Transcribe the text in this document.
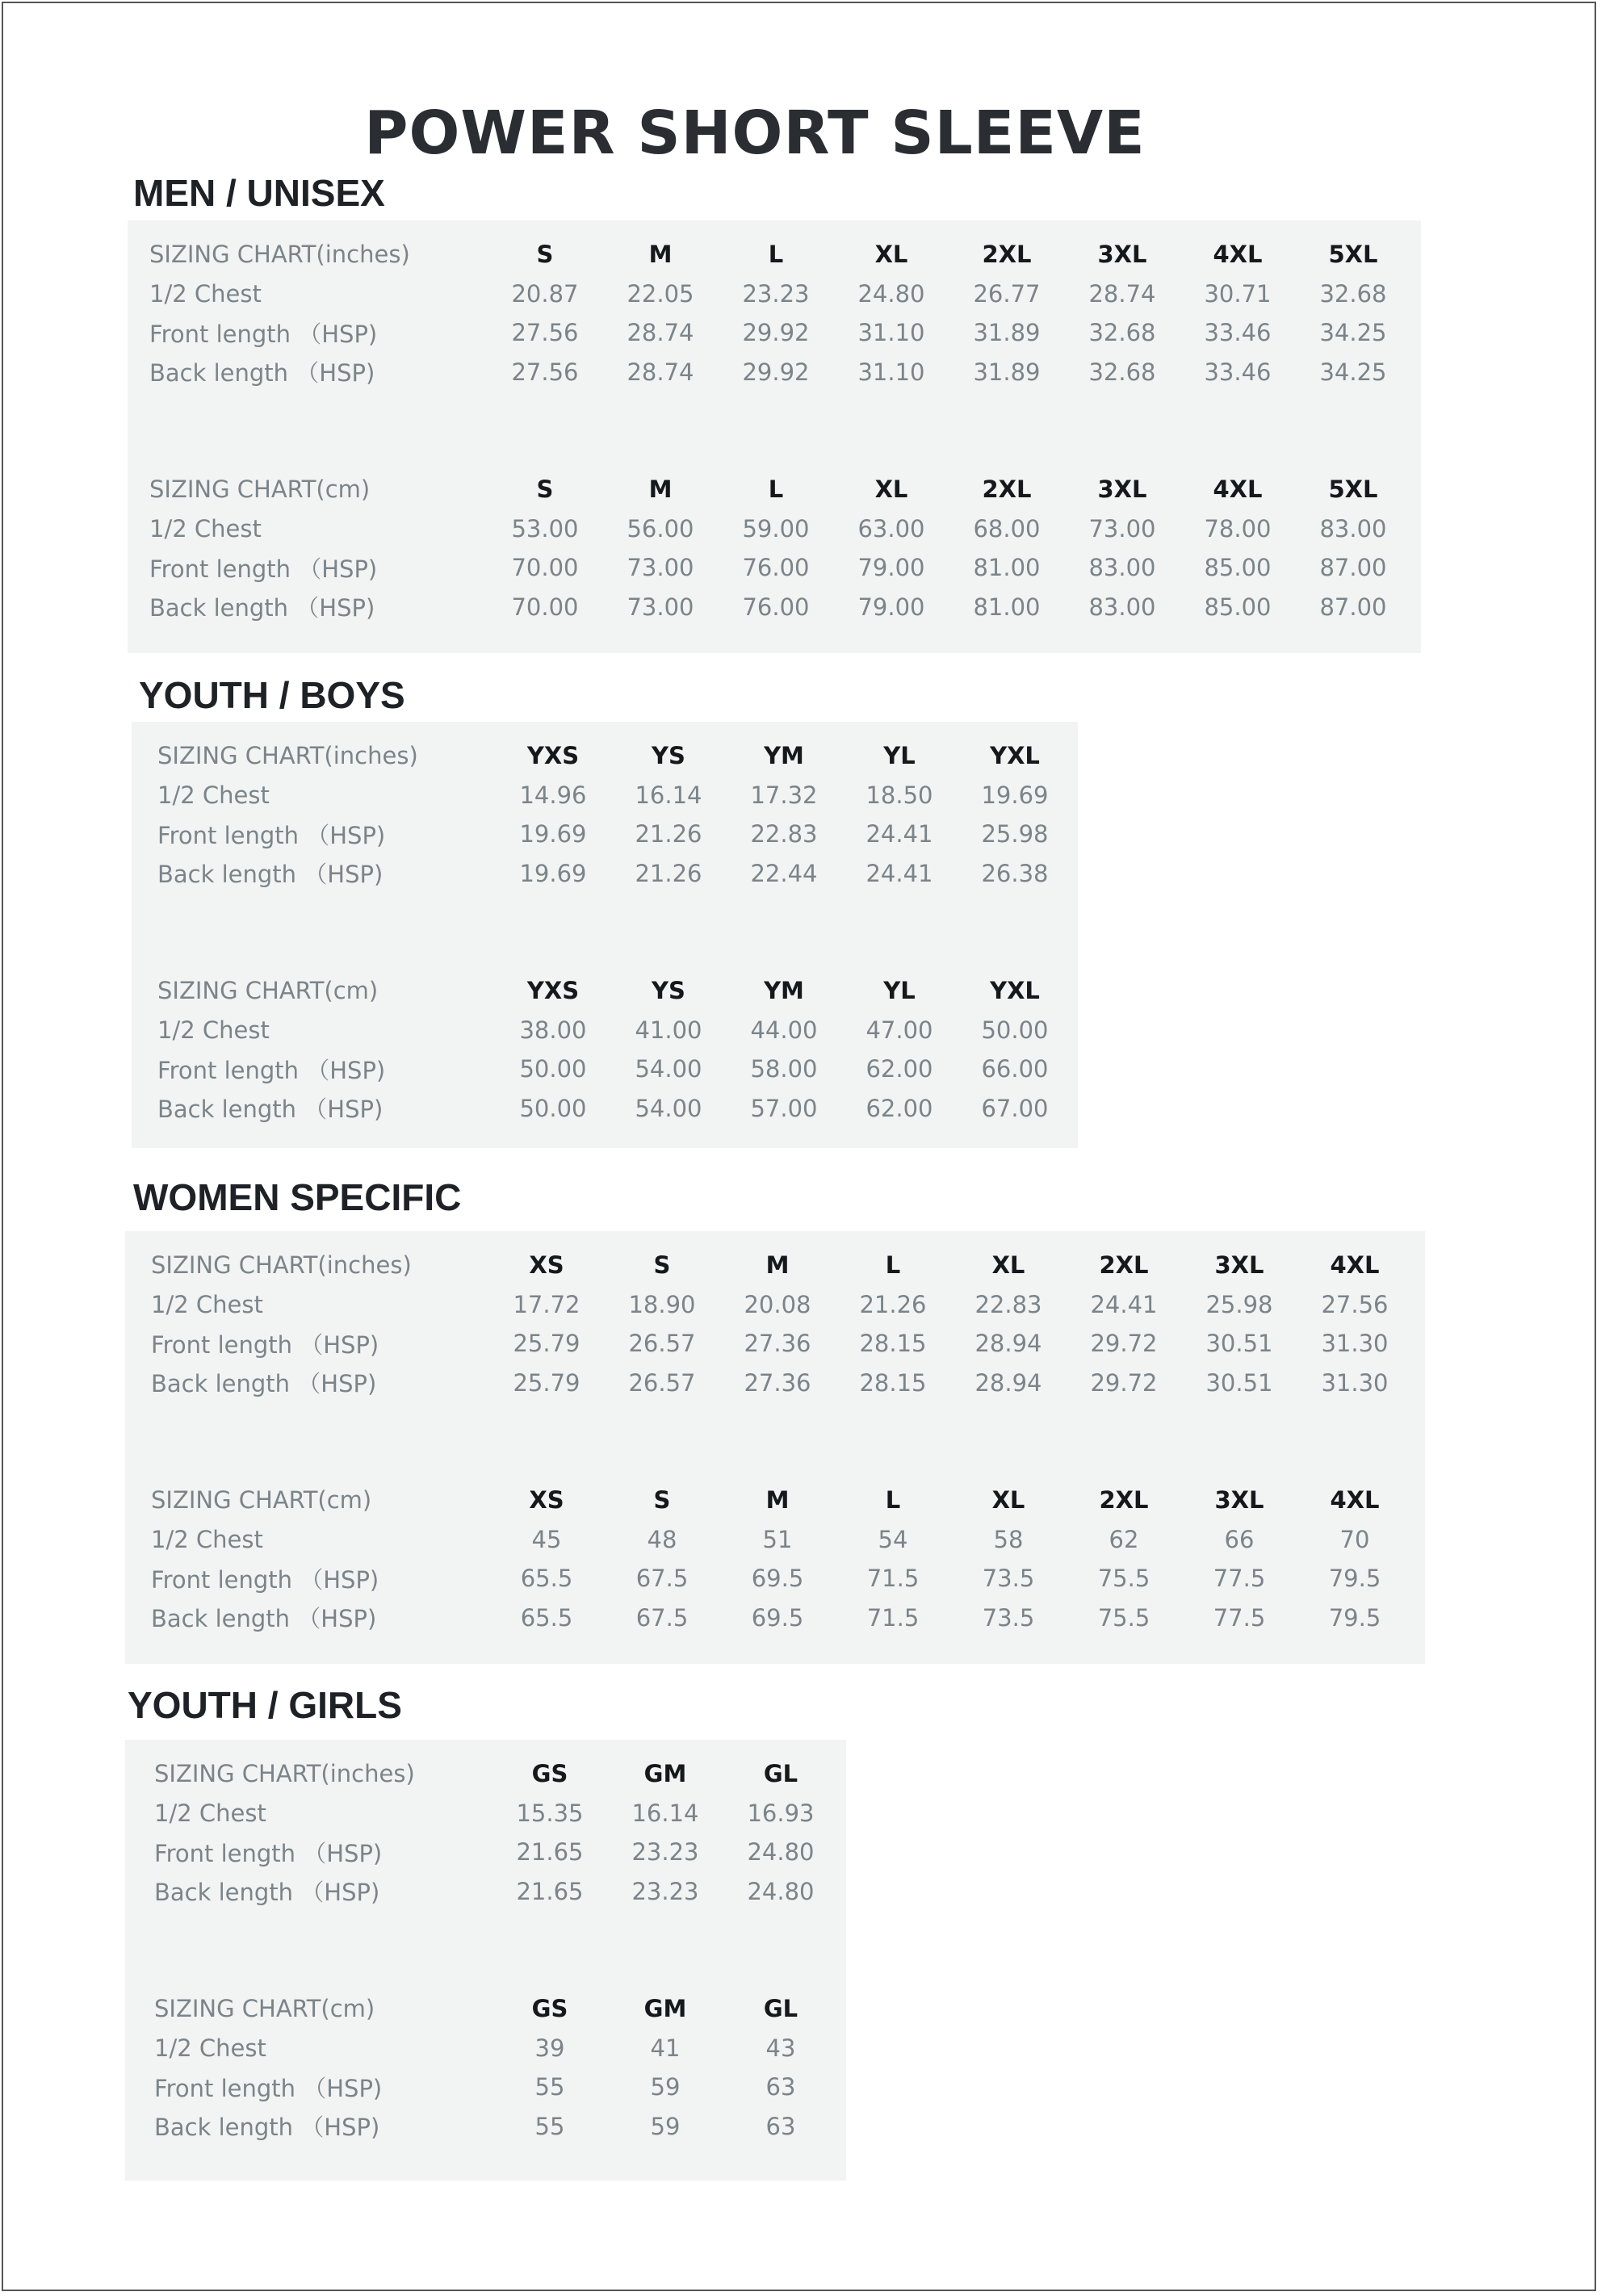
POWER SHORT SLEEVE
MEN / UNISEX
SIZING CHART(inches)	S	M	L	XL	2XL	3XL	4XL	5XL
1/2 Chest	20.87	22.05	23.23	24.80	26.77	28.74	30.71	32.68
Front length （HSP)	27.56	28.74	29.92	31.10	31.89	32.68	33.46	34.25
Back length （HSP)	27.56	28.74	29.92	31.10	31.89	32.68	33.46	34.25
SIZING CHART(cm)	S	M	L	XL	2XL	3XL	4XL	5XL
1/2 Chest	53.00	56.00	59.00	63.00	68.00	73.00	78.00	83.00
Front length （HSP)	70.00	73.00	76.00	79.00	81.00	83.00	85.00	87.00
Back length （HSP)	70.00	73.00	76.00	79.00	81.00	83.00	85.00	87.00
YOUTH / BOYS
SIZING CHART(inches)	YXS	YS	YM	YL	YXL
1/2 Chest	14.96	16.14	17.32	18.50	19.69
Front length （HSP)	19.69	21.26	22.83	24.41	25.98
Back length （HSP)	19.69	21.26	22.44	24.41	26.38
SIZING CHART(cm)	YXS	YS	YM	YL	YXL
1/2 Chest	38.00	41.00	44.00	47.00	50.00
Front length （HSP)	50.00	54.00	58.00	62.00	66.00
Back length （HSP)	50.00	54.00	57.00	62.00	67.00
WOMEN SPECIFIC
SIZING CHART(inches)	XS	S	M	L	XL	2XL	3XL	4XL
1/2 Chest	17.72	18.90	20.08	21.26	22.83	24.41	25.98	27.56
Front length （HSP)	25.79	26.57	27.36	28.15	28.94	29.72	30.51	31.30
Back length （HSP)	25.79	26.57	27.36	28.15	28.94	29.72	30.51	31.30
SIZING CHART(cm)	XS	S	M	L	XL	2XL	3XL	4XL
1/2 Chest	45	48	51	54	58	62	66	70
Front length （HSP)	65.5	67.5	69.5	71.5	73.5	75.5	77.5	79.5
Back length （HSP)	65.5	67.5	69.5	71.5	73.5	75.5	77.5	79.5
YOUTH / GIRLS
SIZING CHART(inches)	GS	GM	GL
1/2 Chest	15.35	16.14	16.93
Front length （HSP)	21.65	23.23	24.80
Back length （HSP)	21.65	23.23	24.80
SIZING CHART(cm)	GS	GM	GL
1/2 Chest	39	41	43
Front length （HSP)	55	59	63
Back length （HSP)	55	59	63
